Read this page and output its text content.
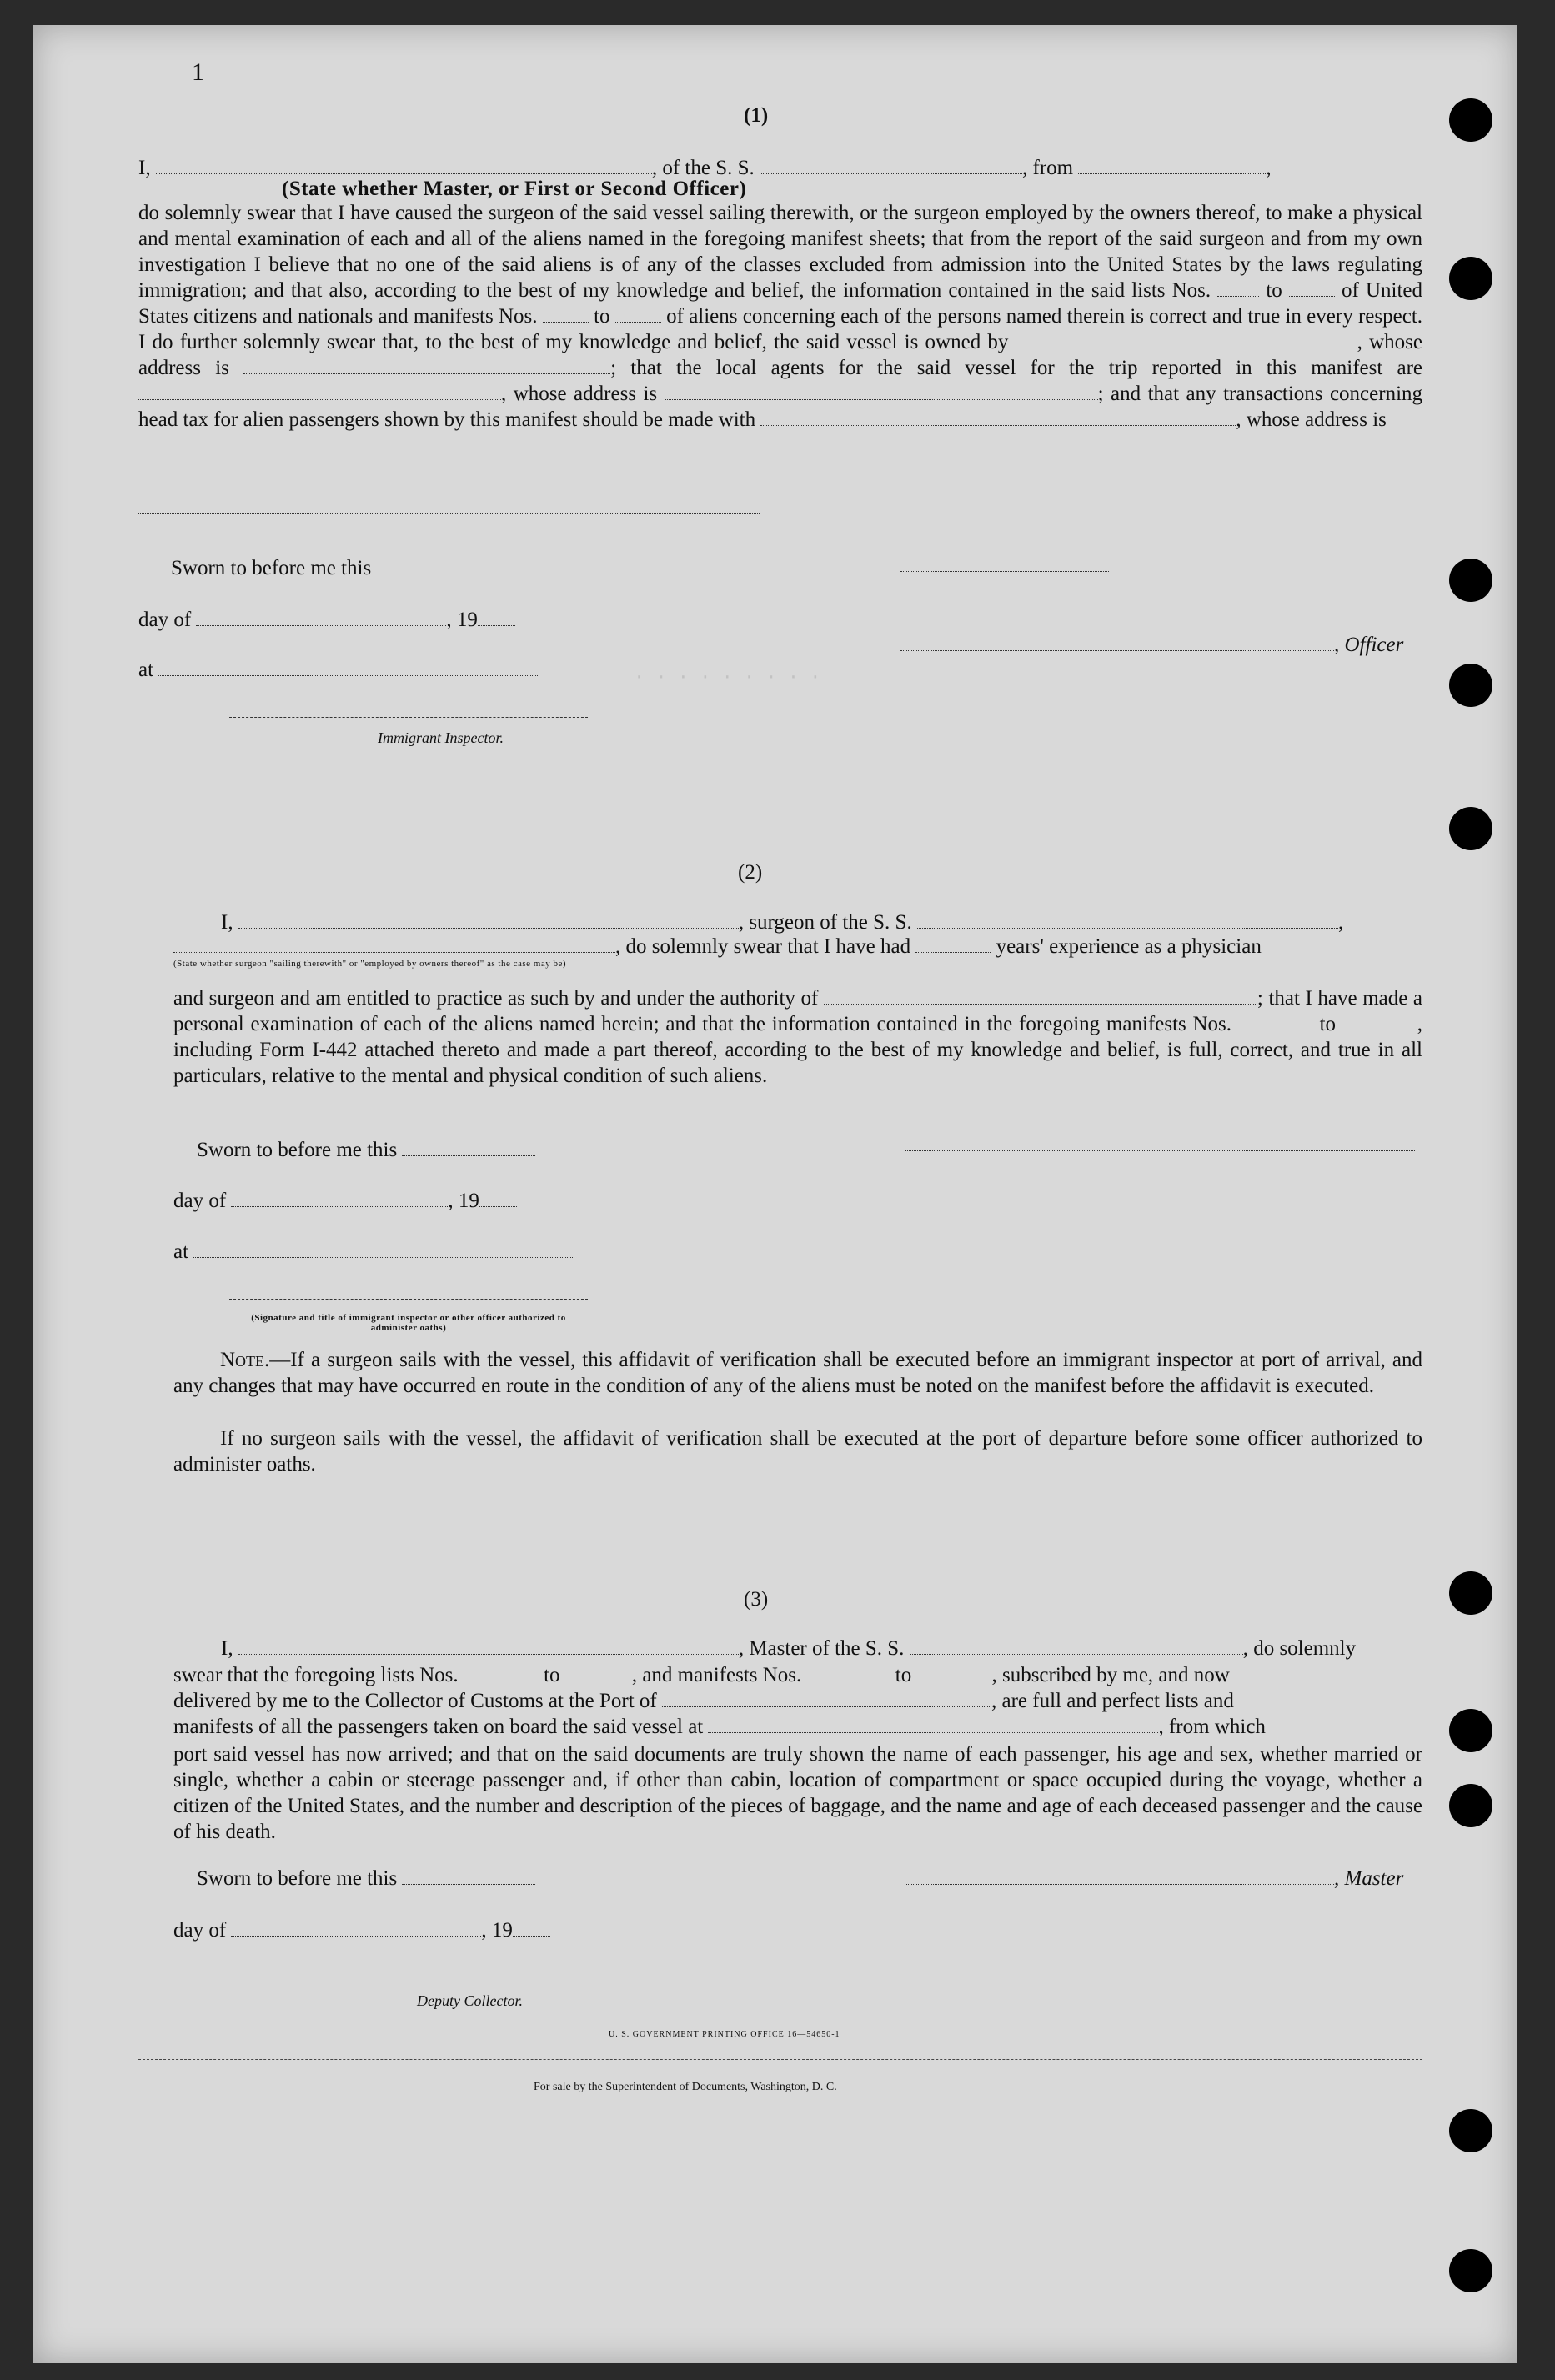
· · · · · · · · ·
1
(1)
I,	, of the S. S.	, from	,
(State whether Master, or First or Second Officer)
do solemnly swear that I have caused the surgeon of the said vessel sailing therewith, or the surgeon employed by the owners thereof, to make a physical and mental examination of each and all of the aliens named in the foregoing manifest sheets; that from the report of the said surgeon and from my own investigation I believe that no one of the said aliens is of any of the classes excluded from admission into the United States by the laws regulating immigration; and that also, according to the best of my knowledge and belief, the information contained in the said lists Nos.	to	of United States citizens and nationals and manifests Nos.	to	of aliens concerning each of the persons named therein is correct and true in every respect. I do further solemnly swear that, to the best of my knowledge and belief, the said vessel is owned by	, whose address is	; that the local agents for the said vessel for the trip reported in this manifest are , whose address is	; and that any transactions concerning head tax for alien passengers shown by this manifest should be made with	, whose address is
Sworn to before me this
day of	, 19
, Officer
at
Immigrant Inspector.
(2)
I,	, surgeon of the S. S.	,
, do solemnly swear that I have had	years' experience as a physician
(State whether surgeon "sailing therewith" or "employed by owners thereof" as the case may be)
and surgeon and am entitled to practice as such by and under the authority of	; that I have made a personal examination of each of the aliens named herein; and that the information contained in the foregoing manifests Nos.	to	, including Form I-442 attached thereto and made a part thereof, according to the best of my knowledge and belief, is full, correct, and true in all particulars, relative to the mental and physical condition of such aliens.
Sworn to before me this
day of	, 19
at
(Signature and title of immigrant inspector or other officer authorized to administer oaths)
Note.—If a surgeon sails with the vessel, this affidavit of verification shall be executed before an immigrant inspector at port of arrival, and any changes that may have occurred en route in the condition of any of the aliens must be noted on the manifest before the affidavit is executed.
If no surgeon sails with the vessel, the affidavit of verification shall be executed at the port of departure before some officer authorized to administer oaths.
(3)
I,	, Master of the S. S.	, do solemnly
swear that the foregoing lists Nos.	to	, and manifests Nos.	to	, subscribed by me, and now
delivered by me to the Collector of Customs at the Port of	, are full and perfect lists and
manifests of all the passengers taken on board the said vessel at	, from which
port said vessel has now arrived; and that on the said documents are truly shown the name of each passenger, his age and sex, whether married or single, whether a cabin or steerage passenger and, if other than cabin, location of compartment or space occupied during the voyage, whether a citizen of the United States, and the number and description of the pieces of baggage, and the name and age of each deceased passenger and the cause of his death.
Sworn to before me this	, Master
day of	, 19
Deputy Collector.
U. S. GOVERNMENT PRINTING OFFICE 16—54650-1
For sale by the Superintendent of Documents, Washington, D. C.
